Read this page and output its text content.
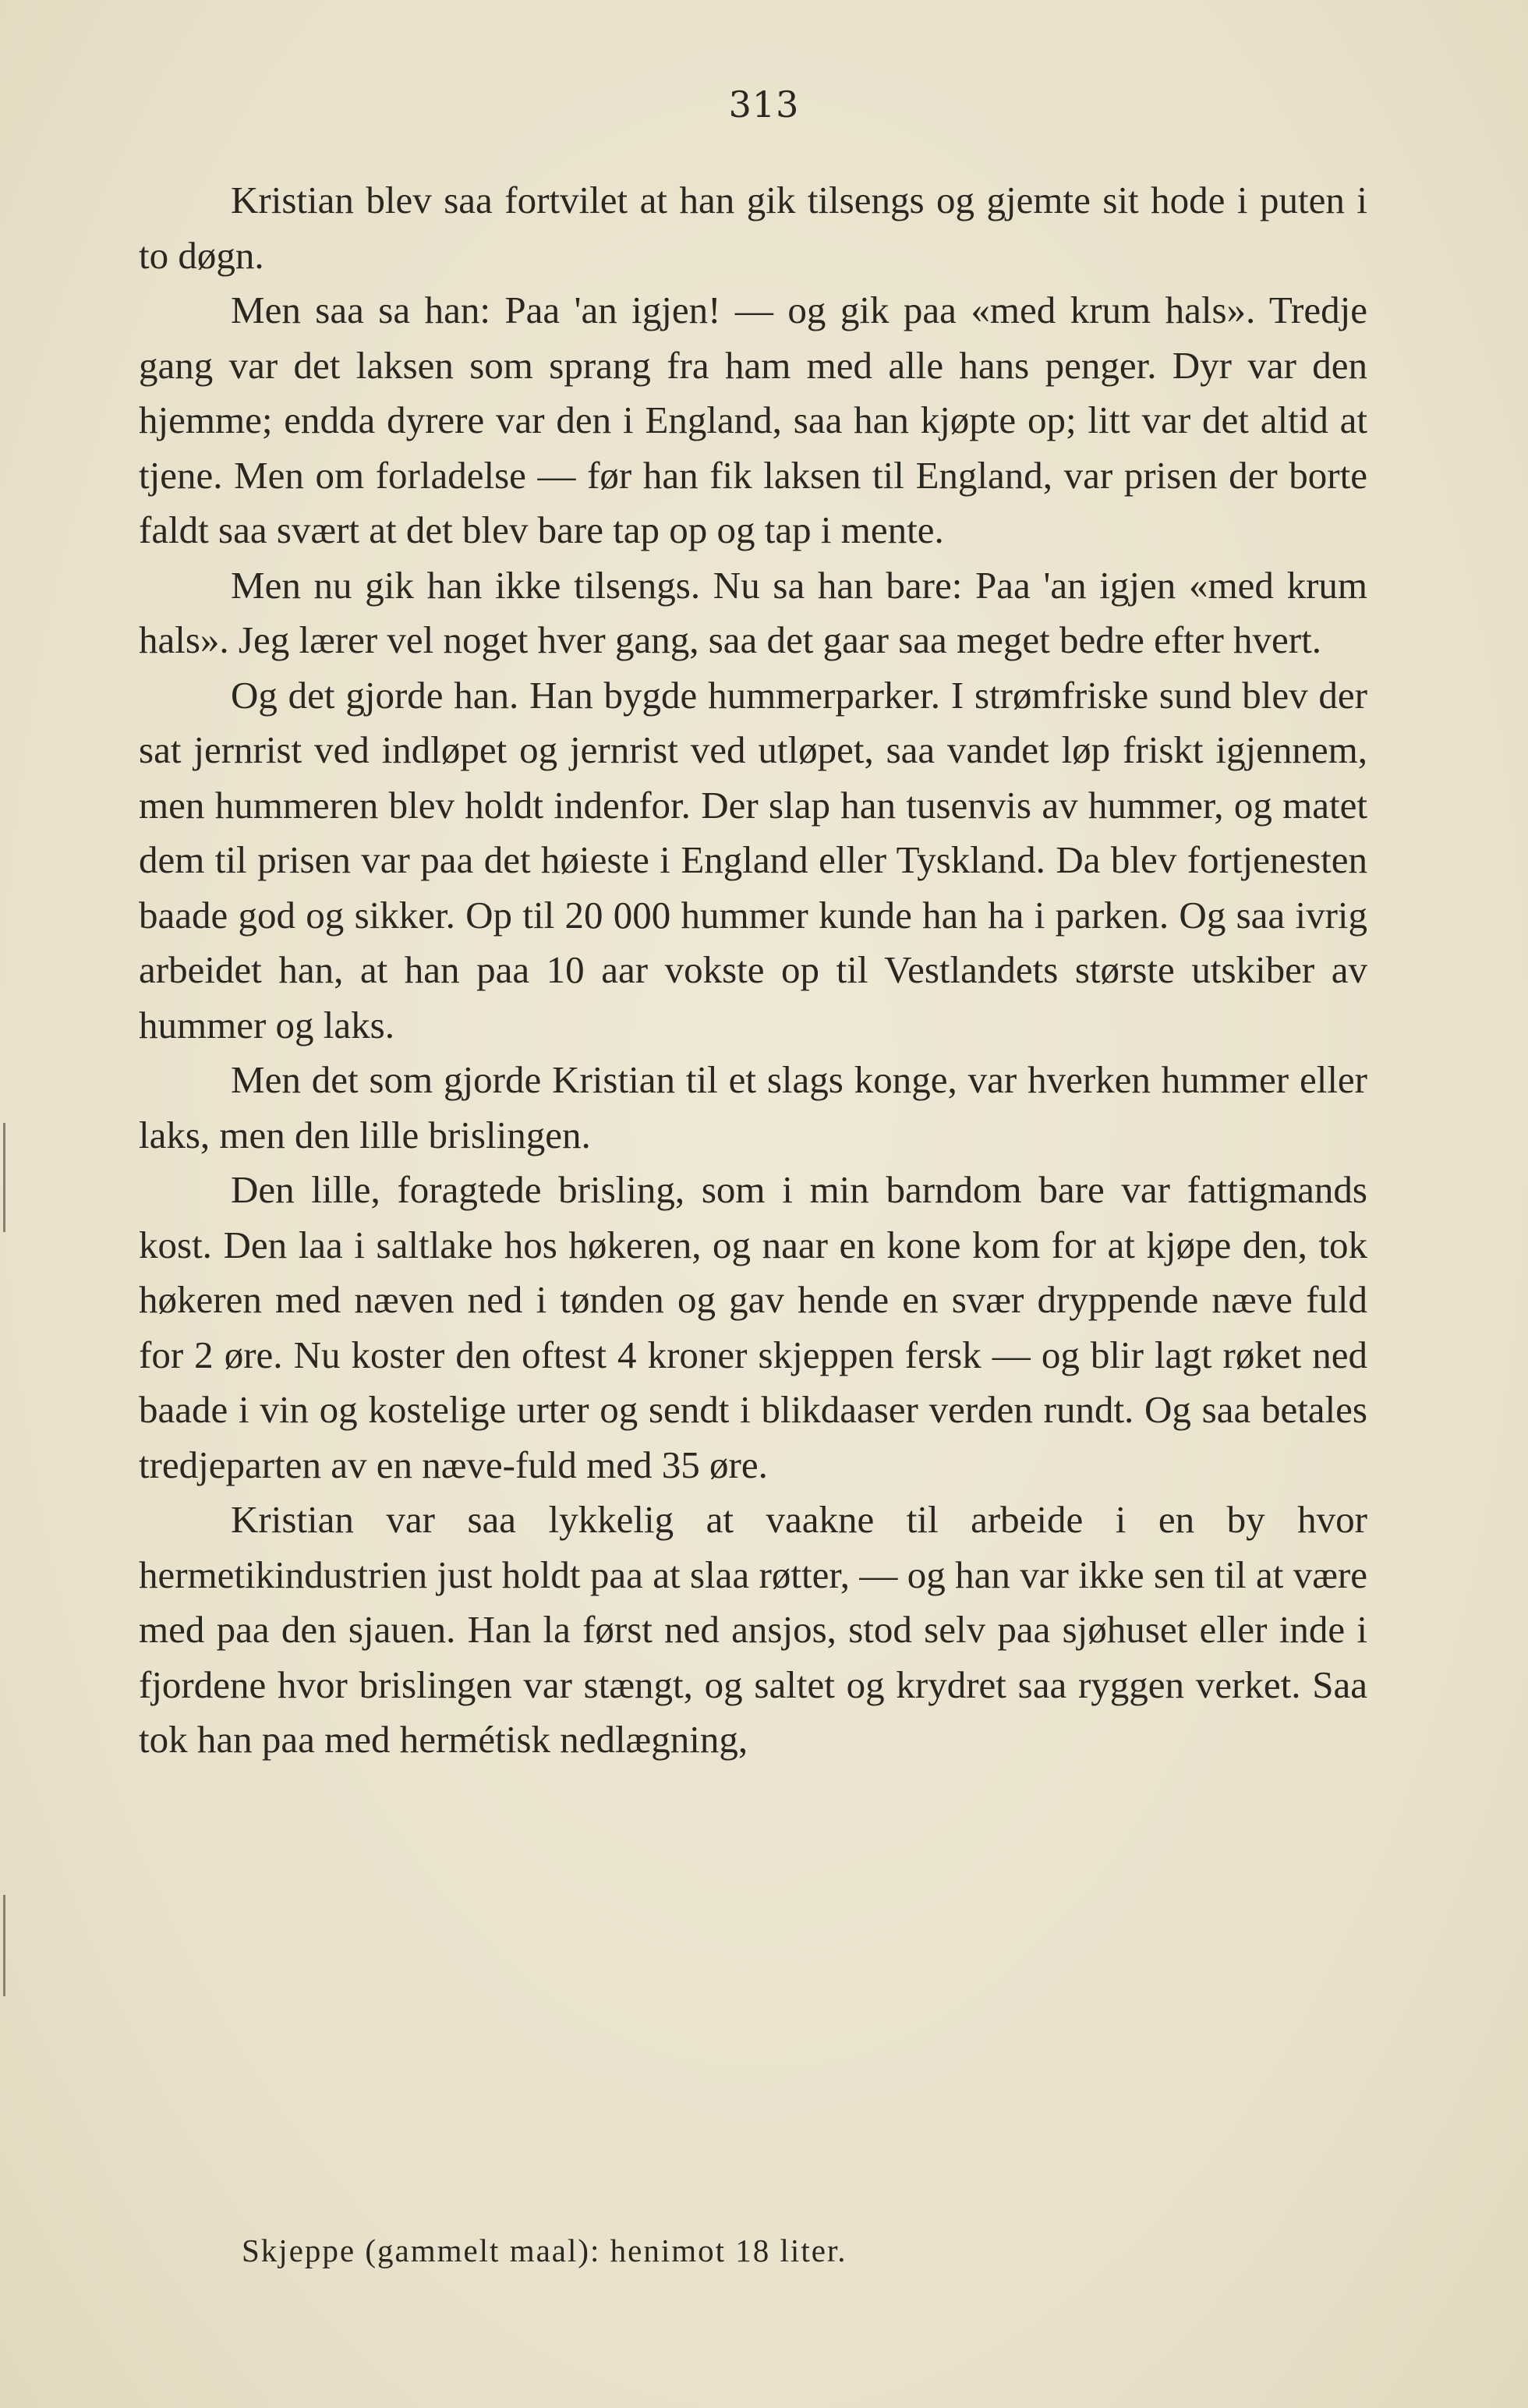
313

Kristian blev saa fortvilet at han gik tilsengs og gjemte sit hode i puten i to døgn.

Men saa sa han: Paa 'an igjen! — og gik paa «med krum hals». Tredje gang var det laksen som sprang fra ham med alle hans penger. Dyr var den hjemme; endda dyrere var den i England, saa han kjøpte op; litt var det altid at tjene. Men om forladelse — før han fik laksen til England, var prisen der borte faldt saa svært at det blev bare tap op og tap i mente.

Men nu gik han ikke tilsengs. Nu sa han bare: Paa 'an igjen «med krum hals». Jeg lærer vel noget hver gang, saa det gaar saa meget bedre efter hvert.

Og det gjorde han. Han bygde hummerparker. I strømfriske sund blev der sat jernrist ved indløpet og jernrist ved utløpet, saa vandet løp friskt igjennem, men hummeren blev holdt indenfor. Der slap han tusenvis av hummer, og matet dem til prisen var paa det høieste i England eller Tyskland. Da blev fortjenesten baade god og sikker. Op til 20 000 hummer kunde han ha i parken. Og saa ivrig arbeidet han, at han paa 10 aar vokste op til Vestlandets største utskiber av hummer og laks.

Men det som gjorde Kristian til et slags konge, var hverken hummer eller laks, men den lille brislingen.

Den lille, foragtede brisling, som i min barndom bare var fattigmands kost. Den laa i saltlake hos høkeren, og naar en kone kom for at kjøpe den, tok høkeren med næven ned i tønden og gav hende en svær dryppende næve fuld for 2 øre. Nu koster den oftest 4 kroner skjeppen fersk — og blir lagt røket ned baade i vin og kostelige urter og sendt i blikdaaser verden rundt. Og saa betales tredjeparten av en næve-fuld med 35 øre.

Kristian var saa lykkelig at vaakne til arbeide i en by hvor hermetikindustrien just holdt paa at slaa røtter, — og han var ikke sen til at være med paa den sjauen. Han la først ned ansjos, stod selv paa sjøhuset eller inde i fjordene hvor brislingen var stængt, og saltet og krydret saa ryggen verket. Saa tok han paa med hermétisk nedlægning,

Skjeppe (gammelt maal): henimot 18 liter.
